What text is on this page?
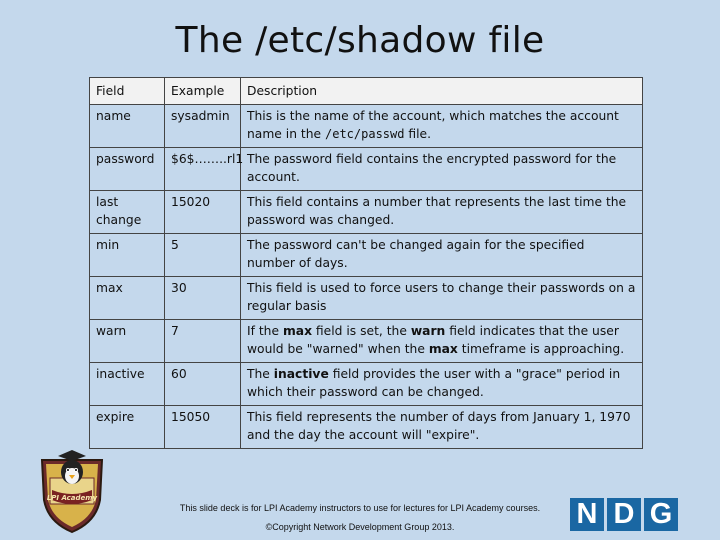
The /etc/shadow file
Field	Example	Description
name	sysadmin	This is the name of the account, which matches the account name in the /etc/passwd file.
password	$6$……..rl1	The password field contains the encrypted password for the account.
last change	15020	This field contains a number that represents the last time the password was changed.
min	5	The password can't be changed again for the specified number of days.
max	30	This field is used to force users to change their passwords on a regular basis
warn	7	If the max field is set, the warn field indicates that the user would be "warned" when the max timeframe is approaching.
inactive	60	The inactive field provides the user with a "grace" period in which their password can be changed.
expire	15050	This field represents the number of days from January 1, 1970 and the day the account will "expire".
LPI Academy
This slide deck is for LPI Academy instructors to use for lectures for LPI Academy courses.
©Copyright Network Development Group 2013.	N D G
